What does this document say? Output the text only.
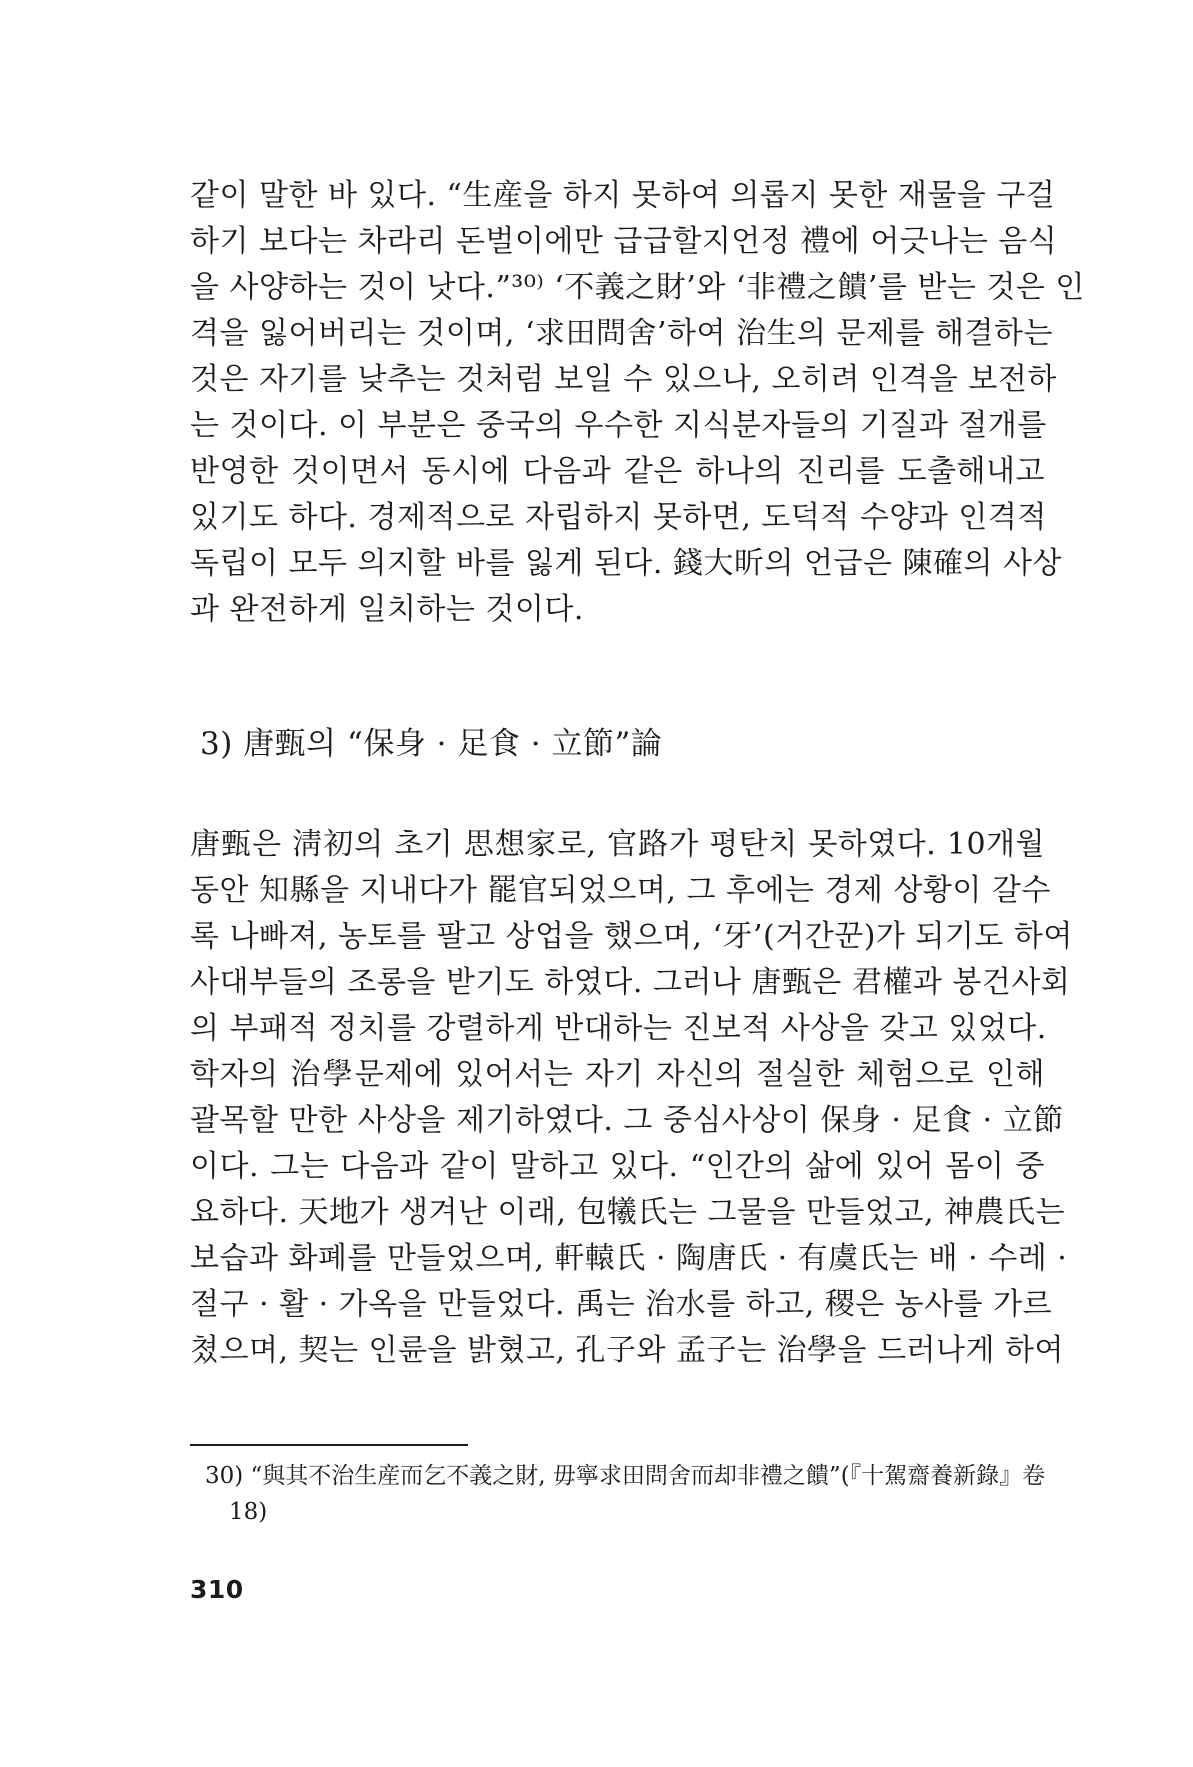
같이 말한 바 있다. “生産을 하지 못하여 의롭지 못한 재물을 구걸
하기 보다는 차라리 돈벌이에만 급급할지언정 禮에 어긋나는 음식
을 사양하는 것이 낫다.”³⁰⁾ ‘不義之財’와 ‘非禮之饋’를 받는 것은 인
격을 잃어버리는 것이며, ‘求田問舍’하여 治生의 문제를 해결하는
것은 자기를 낮추는 것처럼 보일 수 있으나, 오히려 인격을 보전하
는 것이다. 이 부분은 중국의 우수한 지식분자들의 기질과 절개를
반영한 것이면서 동시에 다음과 같은 하나의 진리를 도출해내고
있기도 하다. 경제적으로 자립하지 못하면, 도덕적 수양과 인격적
독립이 모두 의지할 바를 잃게 된다. 錢大昕의 언급은 陳確의 사상
과 완전하게 일치하는 것이다.
3) 唐甄의 “保身 · 足食 · 立節”論
唐甄은 淸初의 초기 思想家로, 官路가 평탄치 못하였다. 10개월
동안 知縣을 지내다가 罷官되었으며, 그 후에는 경제 상황이 갈수
록 나빠져, 농토를 팔고 상업을 했으며, ‘牙’(거간꾼)가 되기도 하여
사대부들의 조롱을 받기도 하였다. 그러나 唐甄은 君權과 봉건사회
의 부패적 정치를 강렬하게 반대하는 진보적 사상을 갖고 있었다.
학자의 治學문제에 있어서는 자기 자신의 절실한 체험으로 인해
괄목할 만한 사상을 제기하였다. 그 중심사상이 保身 · 足食 · 立節
이다. 그는 다음과 같이 말하고 있다. “인간의 삶에 있어 몸이 중
요하다. 天地가 생겨난 이래, 包犧氏는 그물을 만들었고, 神農氏는
보습과 화폐를 만들었으며, 軒轅氏 · 陶唐氏 · 有虞氏는 배 · 수레 ·
절구 · 활 · 가옥을 만들었다. 禹는 治水를 하고, 稷은 농사를 가르
쳤으며, 契는 인륜을 밝혔고, 孔子와 孟子는 治學을 드러나게 하여
30) “與其不治生産而乞不義之財, 毋寧求田問舍而却非禮之饋”(『十駕齋養新錄』卷
18)
310
